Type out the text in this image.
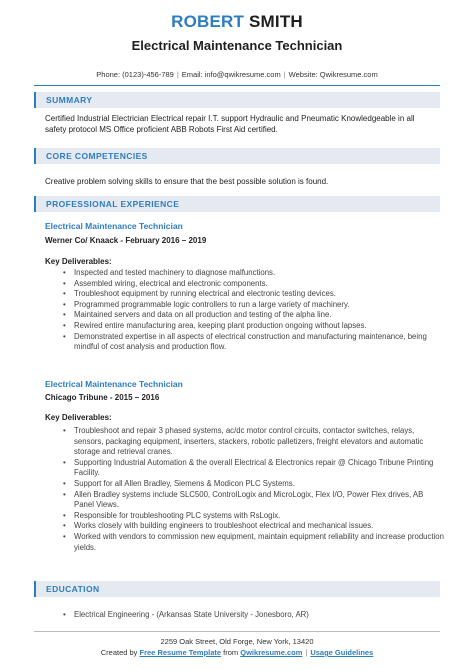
ROBERT SMITH
Electrical Maintenance Technician
Phone: (0123)-456-789 | Email: info@qwikresume.com | Website: Qwikresume.com
SUMMARY

Certified Industrial Electrician Electrical repair I.T. support Hydraulic and Pneumatic Knowledgeable in all safety protocol MS Office proficient ABB Robots First Aid certified.

CORE COMPETENCIES

Creative problem solving skills to ensure that the best possible solution is found.

PROFESSIONAL EXPERIENCE
Electrical Maintenance Technician
Werner Co/ Knaack - February 2016 – 2019
Key Deliverables:
• Inspected and tested machinery to diagnose malfunctions.
• Assembled wiring, electrical and electronic components.
• Troubleshoot equipment by running electrical and electronic testing devices.
• Programmed programmable logic controllers to run a large variety of machinery.
• Maintained servers and data on all production and testing of the alpha line.
• Rewired entire manufacturing area, keeping plant production ongoing without lapses.
• Demonstrated expertise in all aspects of electrical construction and manufacturing maintenance, being mindful of cost analysis and production flow.
Electrical Maintenance Technician
Chicago Tribune - 2015 – 2016
Key Deliverables:
• Troubleshoot and repair 3 phased systems, ac/dc motor control circuits, contactor switches, relays, sensors, packaging equipment, inserters, stackers, robotic palletizers, freight elevators and automatic storage and retrieval cranes.
• Supporting Industrial Automation & the overall Electrical & Electronics repair @ Chicago Tribune Printing Facility.
• Support for all Allen Bradley, Siemens & Modicon PLC Systems.
• Allen Bradley systems include SLC500, ControlLogix and MicroLogix, Flex I/O, Power Flex drives, AB Panel Views.
• Responsible for troubleshooting PLC systems with RsLogix.
• Works closely with building engineers to troubleshoot electrical and mechanical issues.
• Worked with vendors to commission new equipment, maintain equipment reliability and increase production yields.
EDUCATION
• Electrical Engineering - (Arkansas State University - Jonesboro, AR)
2259 Oak Street, Old Forge, New York, 13420
Created by Free Resume Template from Qwikresume.com | Usage Guidelines
